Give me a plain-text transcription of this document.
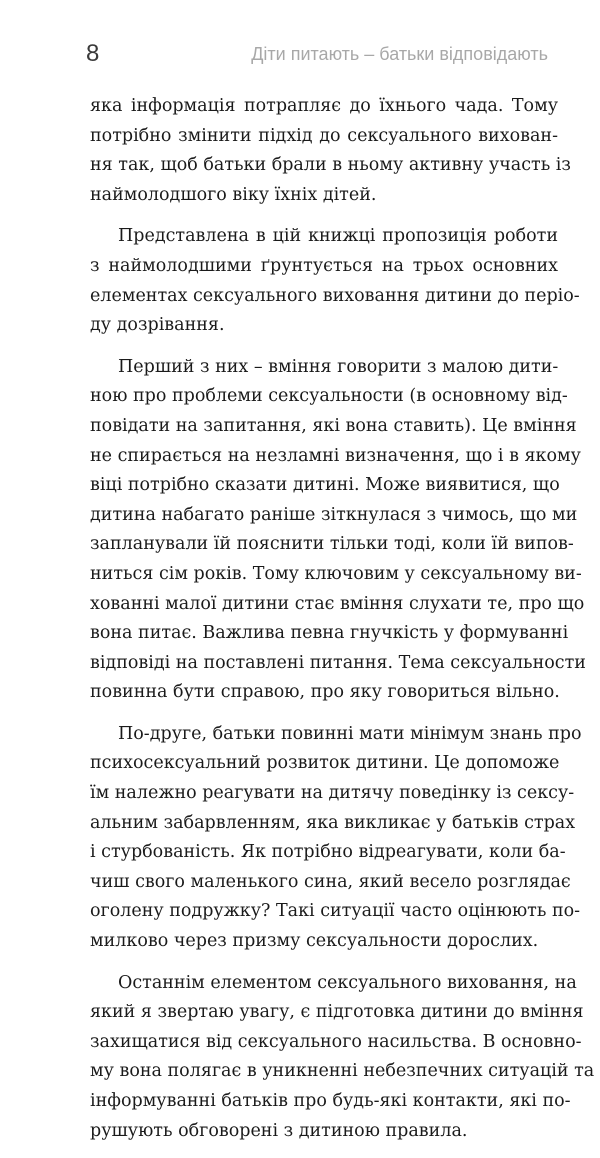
8	Діти питають – батьки відповідають

яка інформація потрапляє до їхнього чада. Тому
потрібно змінити підхід до сексуального вихован-
ня так, щоб батьки брали в ньому активну участь із
наймолодшого віку їхніх дітей.

Представлена в цій книжці пропозиція роботи
з наймолодшими ґрунтується на трьох основних
елементах сексуального виховання дитини до періо-
ду дозрівання.

Перший з них – вміння говорити з малою дити-
ною про проблеми сексуальности (в основному від-
повідати на запитання, які вона ставить). Це вміння
не спирається на незламні визначення, що і в якому
віці потрібно сказати дитині. Може виявитися, що
дитина набагато раніше зіткнулася з чимось, що ми
запланували їй пояснити тільки тоді, коли їй випов-
ниться сім років. Тому ключовим у сексуальному ви-
хованні малої дитини стає вміння слухати те, про що
вона питає. Важлива певна гнучкість у формуванні
відповіді на поставлені питання. Тема сексуальности
повинна бути справою, про яку говориться вільно.

По-друге, батьки повинні мати мінімум знань про
психосексуальний розвиток дитини. Це допоможе
їм належно реагувати на дитячу поведінку із сексу-
альним забарвленням, яка викликає у батьків страх
і стурбованість. Як потрібно відреагувати, коли ба-
чиш свого маленького сина, який весело розглядає
оголену подружку? Такі ситуації часто оцінюють по-
милково через призму сексуальности дорослих.

Останнім елементом сексуального виховання, на
який я звертаю увагу, є підготовка дитини до вміння
захищатися від сексуального насильства. В основно-
му вона полягає в уникненні небезпечних ситуацій та
інформуванні батьків про будь-які контакти, які по-
рушують обговорені з дитиною правила.
